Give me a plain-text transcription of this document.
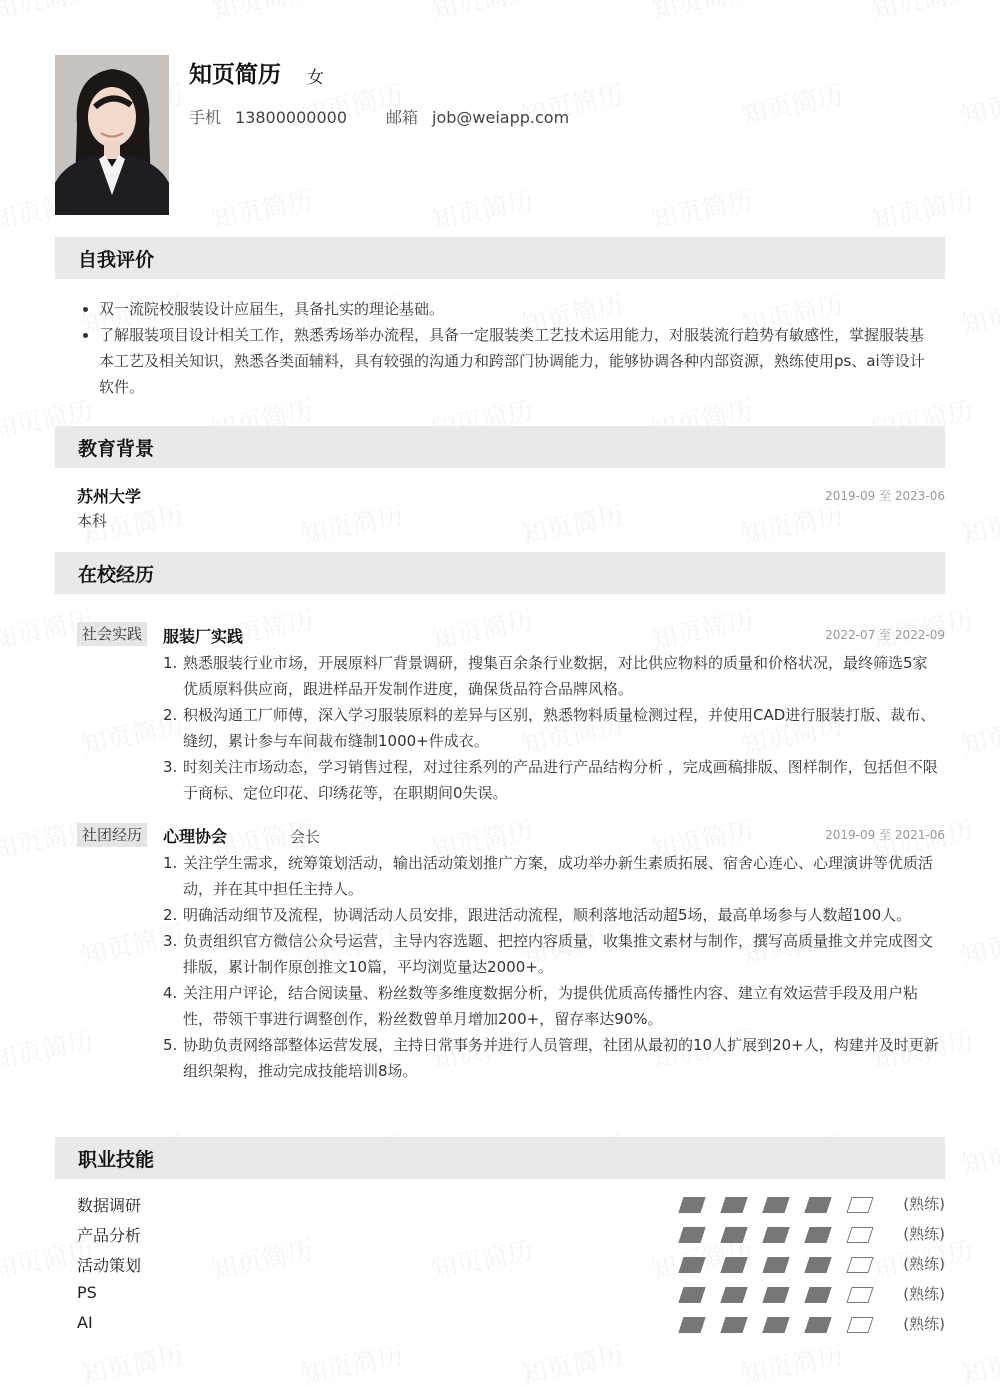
知页简历 女
手机 13800000000 邮箱 job@weiapp.com
自我评价
双一流院校服装设计应届生，具备扎实的理论基础。
了解服装项目设计相关工作，熟悉秀场举办流程，具备一定服装类工艺技术运用能力，对服装流行趋势有敏感性，掌握服装基本工艺及相关知识，熟悉各类面辅料，具有较强的沟通力和跨部门协调能力，能够协调各种内部资源，熟练使用ps、ai等设计软件。
教育背景
苏州大学
本科
2019-09 至 2023-06
在校经历
社会实践	服装厂实践	2022-07 至 2022-09
1. 熟悉服装行业市场，开展原料厂背景调研，搜集百余条行业数据，对比供应物料的质量和价格状况，最终筛选5家优质原料供应商，跟进样品开发制作进度，确保货品符合品牌风格。
2. 积极沟通工厂师傅，深入学习服装原料的差异与区别，熟悉物料质量检测过程，并使用CAD进行服装打版、裁布、缝纫，累计参与车间裁布缝制1000+件成衣。
3. 时刻关注市场动态，学习销售过程，对过往系列的产品进行产品结构分析 ，完成画稿排版、图样制作，包括但不限于商标、定位印花、印绣花等，在职期间0失误。
社团经历	心理协会	会长	2019-09 至 2021-06
1. 关注学生需求，统筹策划活动，输出活动策划推广方案，成功举办新生素质拓展、宿舍心连心、心理演讲等优质活动，并在其中担任主持人。
2. 明确活动细节及流程，协调活动人员安排，跟进活动流程，顺利落地活动超5场，最高单场参与人数超100人。
3. 负责组织官方微信公众号运营，主导内容选题、把控内容质量，收集推文素材与制作，撰写高质量推文并完成图文排版，累计制作原创推文10篇，平均浏览量达2000+。
4. 关注用户评论，结合阅读量、粉丝数等多维度数据分析，为提供优质高传播性内容、建立有效运营手段及用户粘性，带领干事进行调整创作，粉丝数曾单月增加200+，留存率达90%。
5. 协助负责网络部整体运营发展，主持日常事务并进行人员管理，社团从最初的10人扩展到20+人，构建并及时更新组织架构，推动完成技能培训8场。
职业技能
数据调研	(熟练)
产品分析	(熟练)
活动策划	(熟练)
PS	(熟练)
AI	(熟练)
